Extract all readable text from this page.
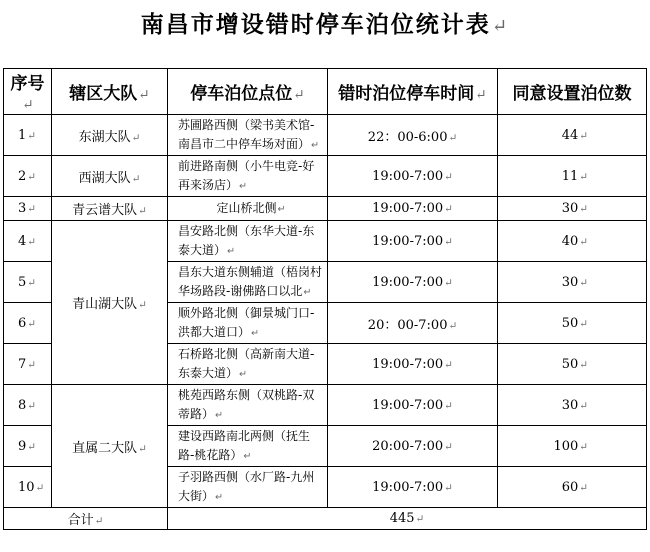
南昌市增设错时停车泊位统计表↵
序号↵	辖区大队↵	停车泊位点位↵	错时泊位停车时间↵	同意设置泊位数
1↵	东湖大队↵	苏圃路西侧（梁书美术馆-南昌市二中停车场对面）↵	22：00-6:00↵	44↵
2↵	西湖大队↵	前进路南侧（小牛电竞-好再来汤店）↵	19:00-7:00↵	11↵
3↵	青云谱大队↵	定山桥北侧↵	19:00-7:00↵	30↵
4↵	青山湖大队↵	昌安路北侧（东华大道-东泰大道）↵	19:00-7:00↵	40↵
5↵		昌东大道东侧辅道（梧岗村华场路段-谢佛路口以北↵	19:00-7:00↵	30↵
6↵		顺外路北侧（御景城门口-洪都大道口）↵	20：00-7:00↵	50↵
7↵		石桥路北侧（高新南大道-东泰大道）↵	19:00-7:00↵	50↵
8↵	直属二大队↵	桃苑西路东侧（双桃路-双蒂路）↵	19:00-7:00↵	30↵
9↵		建设西路南北两侧（抚生路-桃花路）↵	20:00-7:00↵	100↵
10↵		子羽路西侧（水厂路-九州大街）↵	19:00-7:00↵	60↵
合计↵		445↵		
